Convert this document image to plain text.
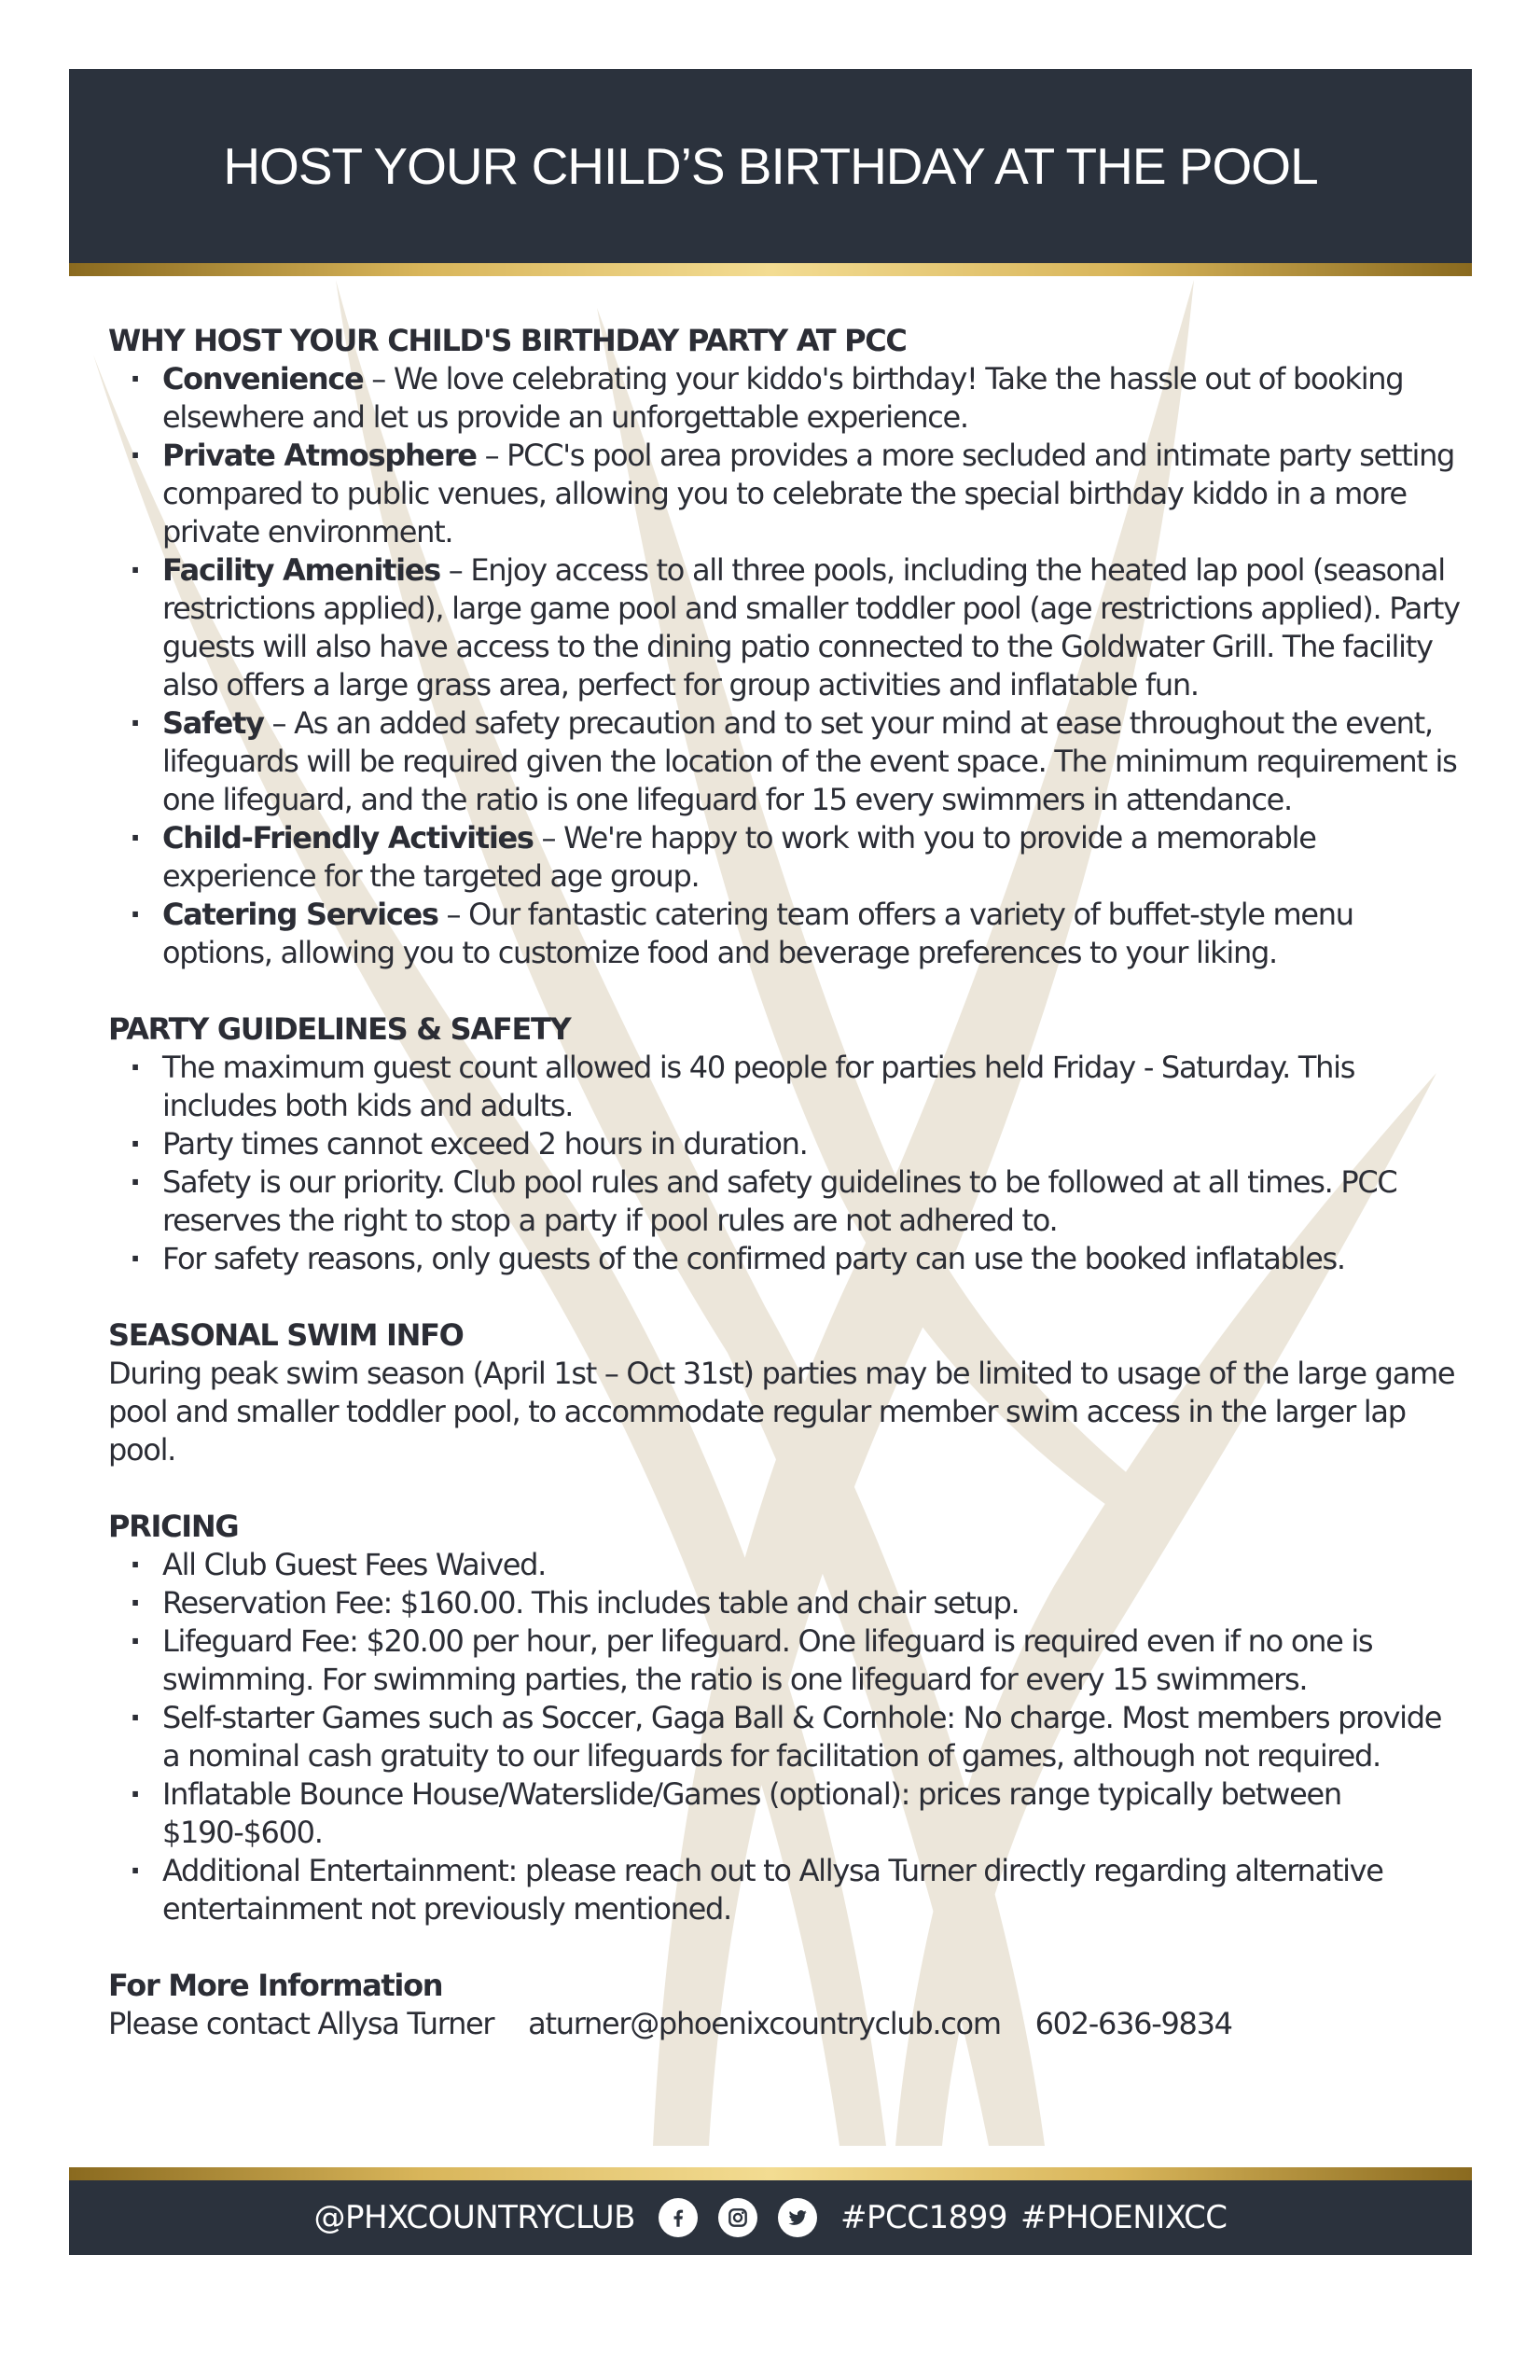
HOST YOUR CHILD’S BIRTHDAY AT THE POOL
WHY HOST YOUR CHILD'S BIRTHDAY PARTY AT PCC
· Convenience – We love celebrating your kiddo's birthday! Take the hassle out of booking elsewhere and let us provide an unforgettable experience.
· Private Atmosphere – PCC's pool area provides a more secluded and intimate party setting compared to public venues, allowing you to celebrate the special birthday kiddo in a more private environment.
· Facility Amenities – Enjoy access to all three pools, including the heated lap pool (seasonal restrictions applied), large game pool and smaller toddler pool (age restrictions applied). Party guests will also have access to the dining patio connected to the Goldwater Grill. The facility also offers a large grass area, perfect for group activities and inflatable fun.
· Safety – As an added safety precaution and to set your mind at ease throughout the event, lifeguards will be required given the location of the event space. The minimum requirement is one lifeguard, and the ratio is one lifeguard for 15 every swimmers in attendance.
· Child-Friendly Activities – We're happy to work with you to provide a memorable experience for the targeted age group.
· Catering Services – Our fantastic catering team offers a variety of buffet-style menu options, allowing you to customize food and beverage preferences to your liking.
PARTY GUIDELINES & SAFETY
· The maximum guest count allowed is 40 people for parties held Friday - Saturday. This includes both kids and adults.
· Party times cannot exceed 2 hours in duration.
· Safety is our priority. Club pool rules and safety guidelines to be followed at all times. PCC reserves the right to stop a party if pool rules are not adhered to.
· For safety reasons, only guests of the confirmed party can use the booked inflatables.
SEASONAL SWIM INFO
During peak swim season (April 1st – Oct 31st) parties may be limited to usage of the large game pool and smaller toddler pool, to accommodate regular member swim access in the larger lap pool.
PRICING
· All Club Guest Fees Waived.
· Reservation Fee: $160.00. This includes table and chair setup.
· Lifeguard Fee: $20.00 per hour, per lifeguard. One lifeguard is required even if no one is swimming. For swimming parties, the ratio is one lifeguard for every 15 swimmers.
· Self-starter Games such as Soccer, Gaga Ball & Cornhole: No charge. Most members provide a nominal cash gratuity to our lifeguards for facilitation of games, although not required.
· Inflatable Bounce House/Waterslide/Games (optional): prices range typically between $190-$600.
· Additional Entertainment: please reach out to Allysa Turner directly regarding alternative entertainment not previously mentioned.
For More Information
Please contact Allysa Turner aturner@phoenixcountryclub.com 602-636-9834
@PHXCOUNTRYCLUB	#PCC1899 #PHOENIXCC
